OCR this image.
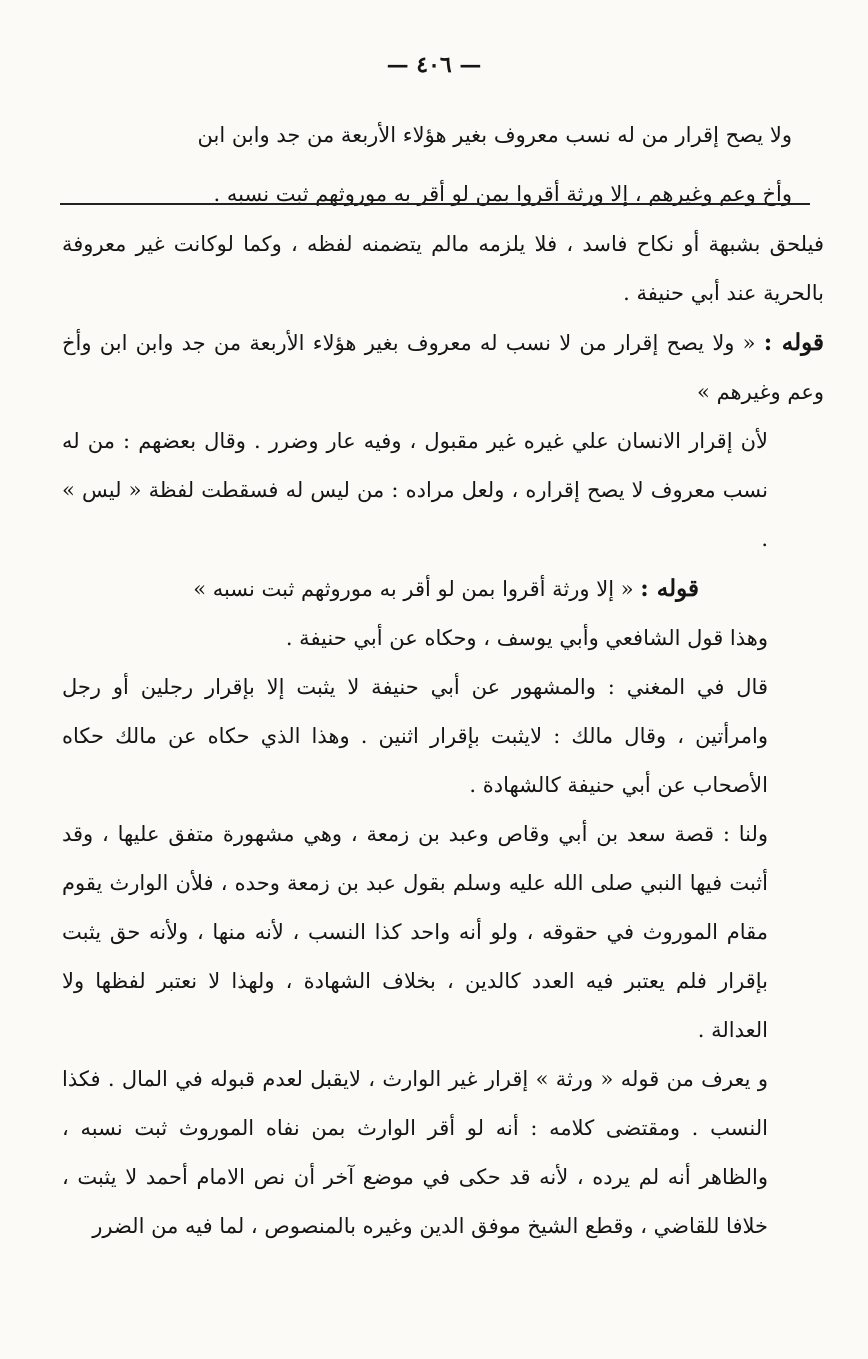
— ٤٠٦ —
ولا يصح إقرار من له نسب معروف بغير هؤلاء الأربعة من جد وابن ابن
وأخ وعم وغيرهم ، إلا ورثة أقروا بمن لو أقر به موروثهم ثبت نسبه .

فيلحق بشبهة أو نكاح فاسد ، فلا يلزمه مالم يتضمنه لفظه ، وكما لوكانت غير معروفة بالحرية عند أبي حنيفة .

قوله : « ولا يصح إقرار من لا نسب له معروف بغير هؤلاء الأربعة من جد وابن ابن وأخ وعم وغيرهم »

لأن إقرار الانسان علي غيره غير مقبول ، وفيه عار وضرر . وقال بعضهم : من له نسب معروف لا يصح إقراره ، ولعل مراده : من ليس له فسقطت لفظة « ليس » .

قوله : « إلا ورثة أقروا بمن لو أقر به موروثهم ثبت نسبه »

وهذا قول الشافعي وأبي يوسف ، وحكاه عن أبي حنيفة .

قال في المغني : والمشهور عن أبي حنيفة لا يثبت إلا بإقرار رجلين أو رجل وامرأتين ، وقال مالك : لايثبت بإقرار اثنين . وهذا الذي حكاه عن مالك حكاه الأصحاب عن أبي حنيفة كالشهادة .

ولنا : قصة سعد بن أبي وقاص وعبد بن زمعة ، وهي مشهورة متفق عليها ، وقد أثبت فيها النبي صلى الله عليه وسلم بقول عبد بن زمعة وحده ، فلأن الوارث يقوم مقام الموروث في حقوقه ، ولو أنه واحد كذا النسب ، لأنه منها ، ولأنه حق يثبت بإقرار فلم يعتبر فيه العدد كالدين ، بخلاف الشهادة ، ولهذا لا نعتبر لفظها ولا العدالة .

و يعرف من قوله « ورثة » إقرار غير الوارث ، لايقبل لعدم قبوله في المال . فكذا النسب . ومقتضى كلامه : أنه لو أقر الوارث بمن نفاه الموروث ثبت نسبه ، والظاهر أنه لم يرده ، لأنه قد حكى في موضع آخر أن نص الامام أحمد لا يثبت ، خلافا للقاضي ، وقطع الشيخ موفق الدين وغيره بالمنصوص ، لما فيه من الضرر
